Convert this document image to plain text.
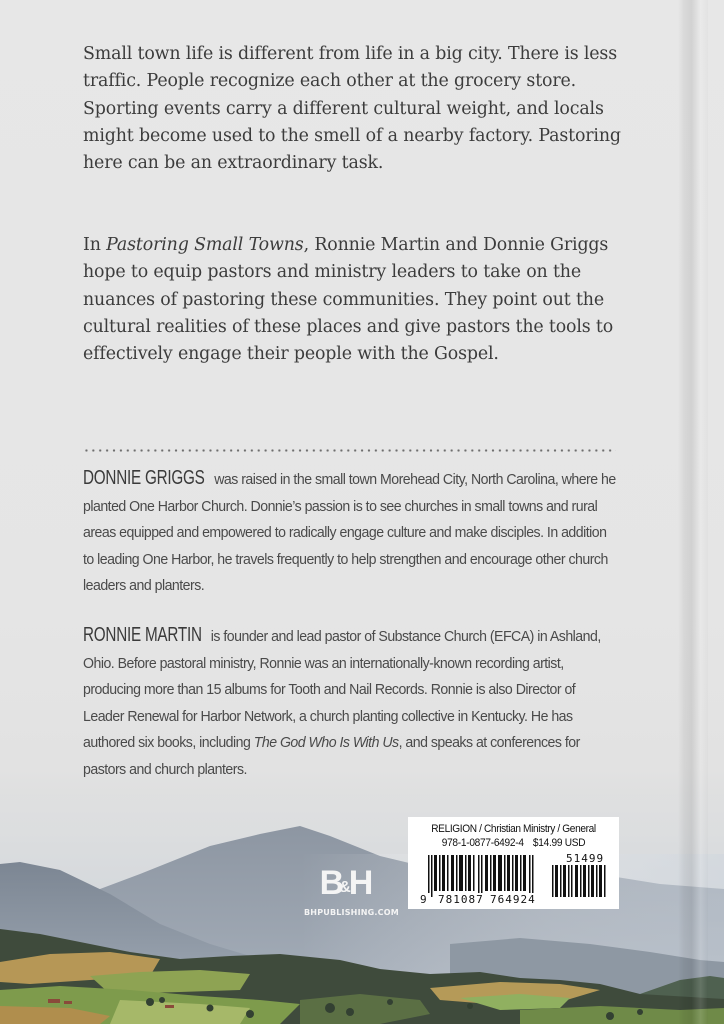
Small town life is different from life in a big city. There is less traffic. People recognize each other at the grocery store. Sporting events carry a different cultural weight, and locals might become used to the smell of a nearby factory. Pastoring here can be an extraordinary task.

In Pastoring Small Towns, Ronnie Martin and Donnie Griggs hope to equip pastors and ministry leaders to take on the nuances of pastoring these communities. They point out the cultural realities of these places and give pastors the tools to effectively engage their people with the Gospel.

DONNIE GRIGGS was raised in the small town Morehead City, North Carolina, where he planted One Harbor Church. Donnie’s passion is to see churches in small towns and rural areas equipped and empowered to radically engage culture and make disciples. In addition to leading One Harbor, he travels frequently to help strengthen and encourage other church leaders and planters.

RONNIE MARTIN is founder and lead pastor of Substance Church (EFCA) in Ashland, Ohio. Before pastoral ministry, Ronnie was an internationally-known recording artist, producing more than 15 albums for Tooth and Nail Records. Ronnie is also Director of Leader Renewal for Harbor Network, a church planting collective in Kentucky. He has authored six books, including The God Who Is With Us, and speaks at conferences for pastors and church planters.

B&H
BHPUBLISHING.COM
RELIGION / Christian Ministry / General
978-1-0877-6492-4 $14.99 USD
9 781087 764924
51499
